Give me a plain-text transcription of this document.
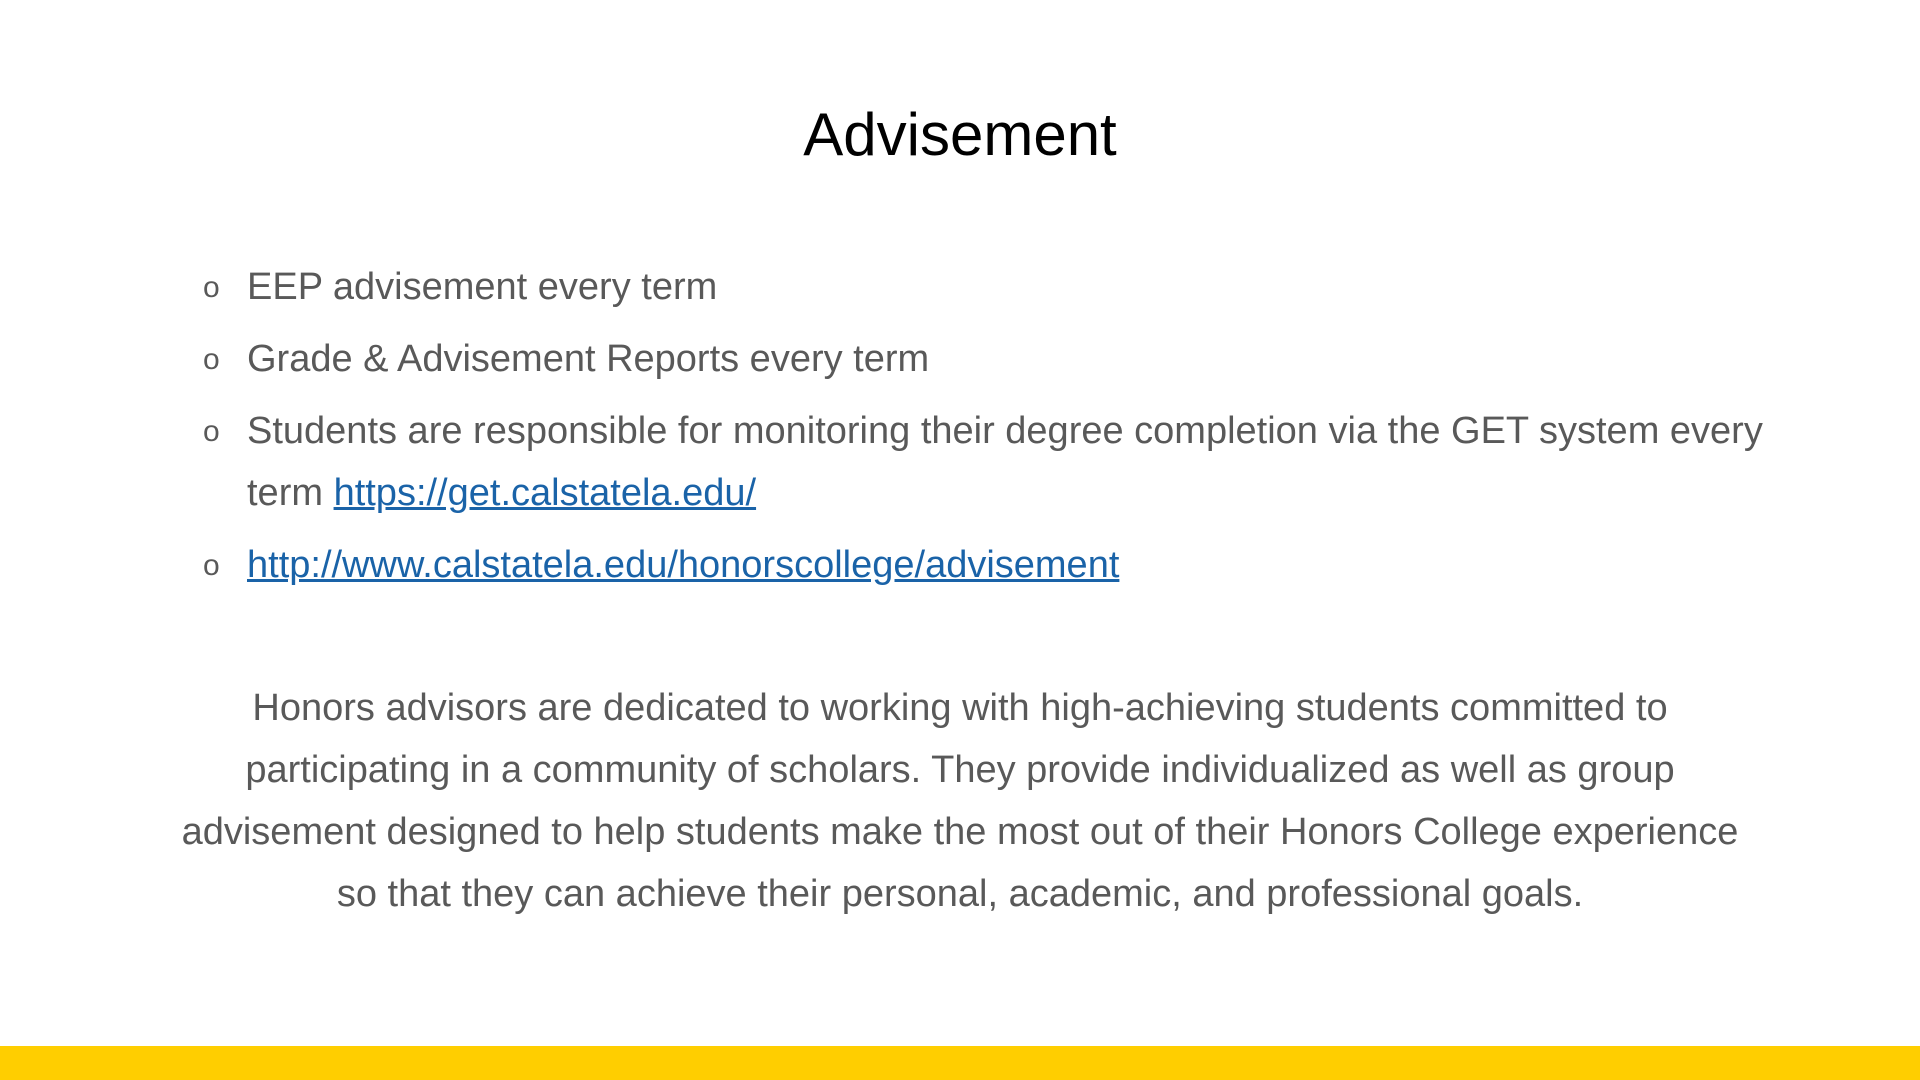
Advisement
o EEP advisement every term
o Grade & Advisement Reports every term
o Students are responsible for monitoring their degree completion via the GET system every term https://get.calstatela.edu/
o http://www.calstatela.edu/honorscollege/advisement

Honors advisors are dedicated to working with high-achieving students committed to participating in a community of scholars. They provide individualized as well as group advisement designed to help students make the most out of their Honors College experience so that they can achieve their personal, academic, and professional goals.
